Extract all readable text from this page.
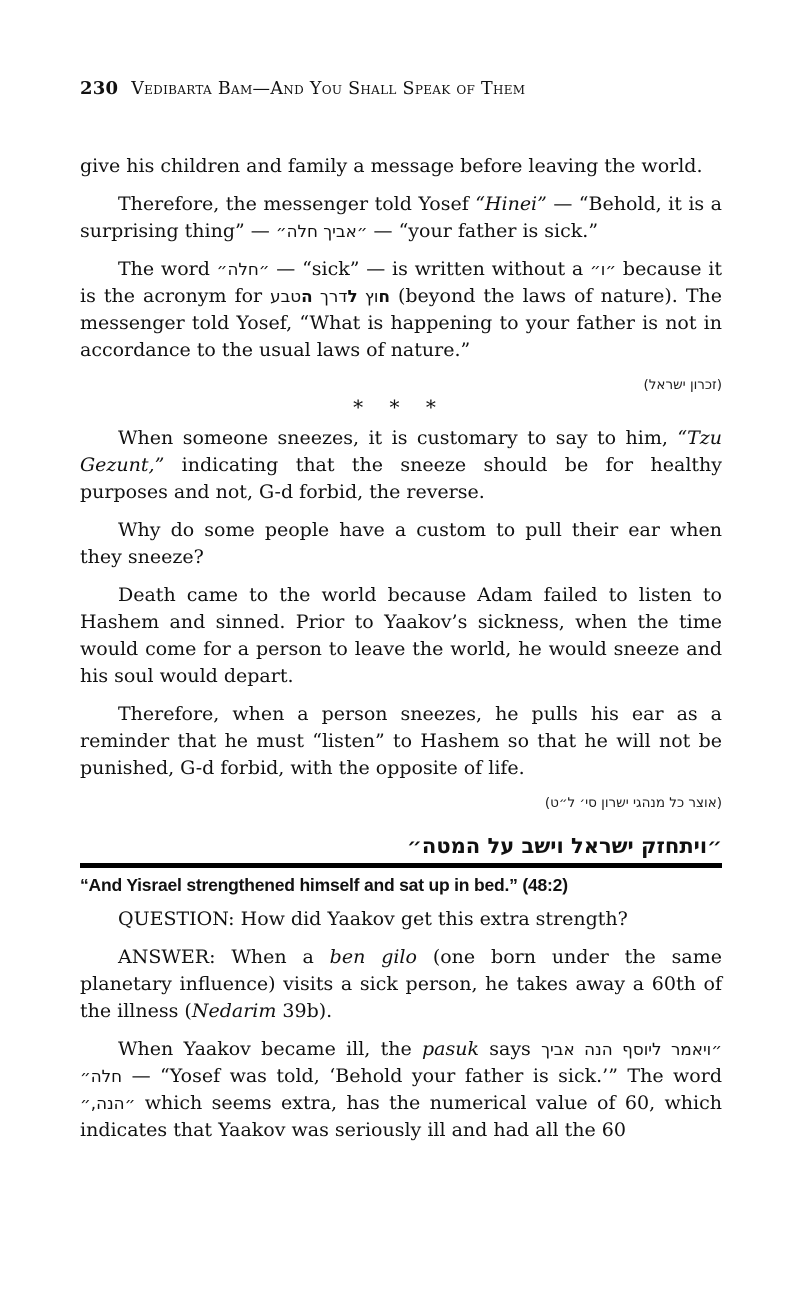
230 Vedibarta Bam—And You Shall Speak of Them

give his children and family a message before leaving the world.

Therefore, the messenger told Yosef “Hinei” — “Behold, it is a surprising thing” — ״אביך חלה״ — “your father is sick.”

The word ״חלה״ — “sick” — is written without a ״ו״ because it is the acronym for	חוץ לדרך הטבע	(beyond the laws of nature). The messenger told Yosef, “What is happening to your father is not in accordance to the usual laws of nature.”

(זכרון ישראל)
* * *

When someone sneezes, it is customary to say to him, “Tzu Gezunt,” indicating that the sneeze should be for healthy purposes and not, G-d forbid, the reverse.

Why do some people have a custom to pull their ear when they sneeze?

Death came to the world because Adam failed to listen to Hashem and sinned. Prior to Yaakov’s sickness, when the time would come for a person to leave the world, he would sneeze and his soul would depart.

Therefore, when a person sneezes, he pulls his ear as a reminder that he must “listen” to Hashem so that he will not be punished, G-d forbid, with the opposite of life.

(אוצר כל מנהגי ישרון סי׳ ל״ט)
״ויתחזק ישראל וישב על המטה״
“And Yisrael strengthened himself and sat up in bed.” (48:2)

QUESTION: How did Yaakov get this extra strength?

ANSWER: When a ben gilo (one born under the same planetary influence) visits a sick person, he takes away a 60th of the illness (Nedarim 39b).

When Yaakov became ill, the pasuk says ״ויאמר ליוסף הנה אביך חלה״ — “Yosef was told, ‘Behold your father is sick.’” The word ״הנה,״ which seems extra, has the numerical value of 60, which indicates that Yaakov was seriously ill and had all the 60
